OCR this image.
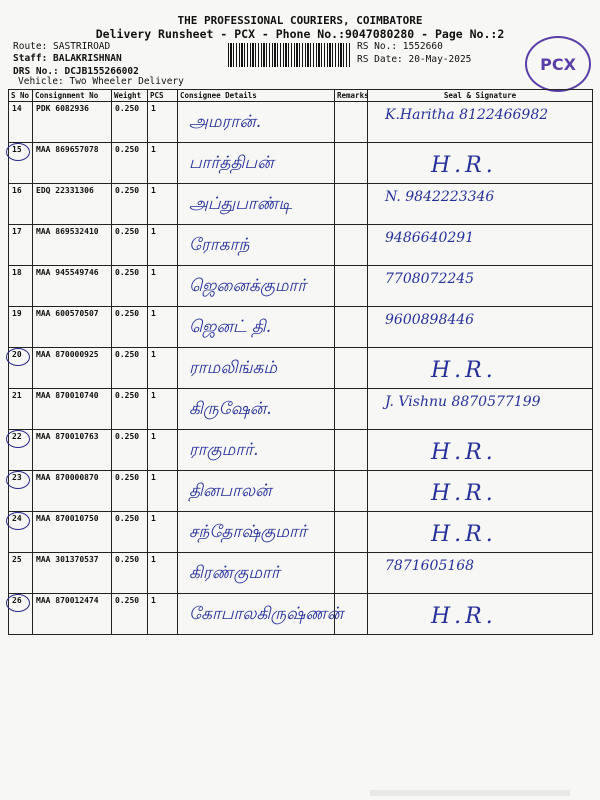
THE PROFESSIONAL COURIERS, COIMBATORE
Delivery Runsheet - PCX - Phone No.:9047080280 - Page No.:2
Route: SASTRIROAD
Staff: BALAKRISHNAN
DRS No.: DCJB155266002
Vehicle: Two Wheeler Delivery
RS No.: 1552660
RS Date: 20-May-2025	PCX
S No	Consignment No	Weight	PCS	Consignee Details	Remarks	Seal & Signature
14	PDK 6082936	0.250	1	அமரான்.		K.Haritha 8122466982

15	MAA 869657078	0.250	1	பார்த்திபன்		H.R.

16	EDQ 22331306	0.250	1	அப்துபாண்டி		N. 9842223346

17	MAA 869532410	0.250	1	ரோகாந்		9486640291

18	MAA 945549746	0.250	1	ஜெனைக்குமார்		7708072245

19	MAA 600570507	0.250	1	ஜெனட் தி.		9600898446

20	MAA 870000925	0.250	1	ராமலிங்கம்		H.R.

21	MAA 870010740	0.250	1	கிருஷேன்.		J. Vishnu 8870577199

22	MAA 870010763	0.250	1	ராகுமார்.		H.R.

23	MAA 870000870	0.250	1	தினபாலன்		H.R.

24	MAA 870010750	0.250	1	சந்தோஷ்குமார்		H.R.

25	MAA 301370537	0.250	1	கிரண்குமார்		7871605168

26	MAA 870012474	0.250	1	கோபாலகிருஷ்ணன்		H.R.
